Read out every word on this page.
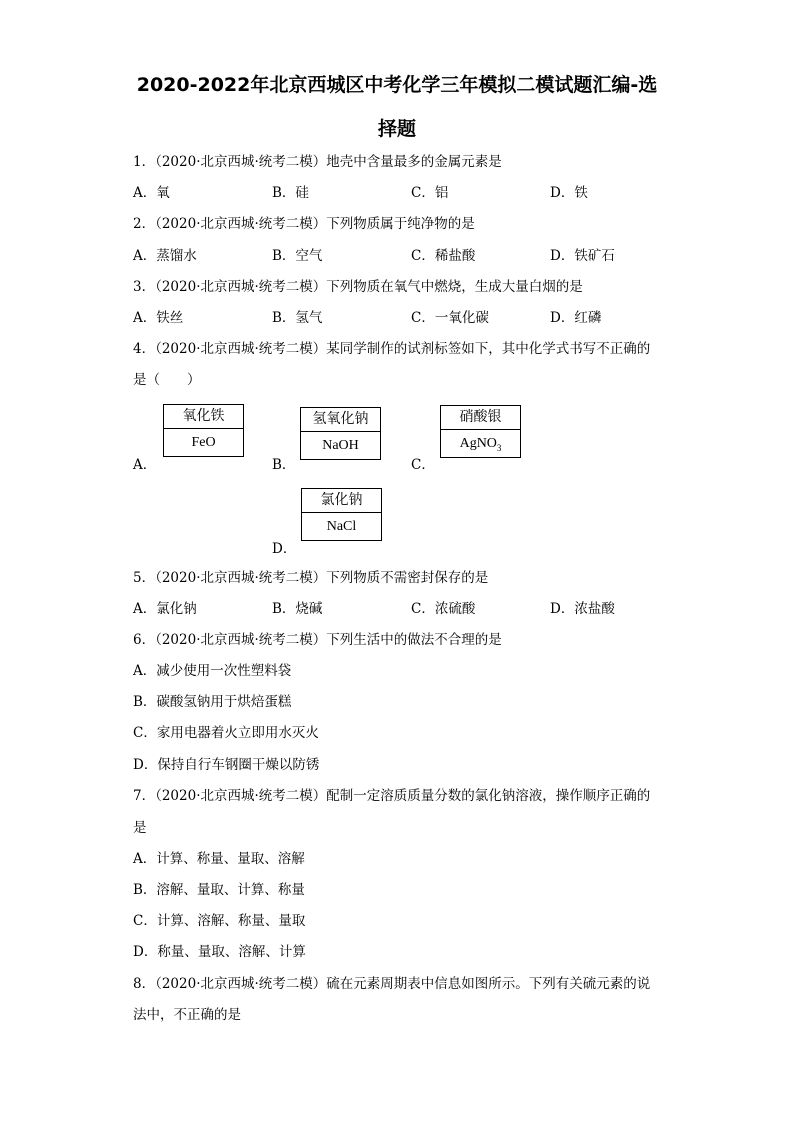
2020-2022年北京西城区中考化学三年模拟二模试题汇编-选
择题
1．（2020·北京西城·统考二模）地壳中含量最多的金属元素是
A．氧	B．硅	C．铝	D．铁
2．（2020·北京西城·统考二模）下列物质属于纯净物的是
A．蒸馏水	B．空气	C．稀盐酸	D．铁矿石
3．（2020·北京西城·统考二模）下列物质在氧气中燃烧，生成大量白烟的是
A．铁丝	B．氢气	C．一氧化碳	D．红磷
4．（2020·北京西城·统考二模）某同学制作的试剂标签如下，其中化学式书写不正确的
是（　　）
A．
氧化铁
FeO
B．
氢氧化钠
NaOH
C．
硝酸银
AgNO$_3$
D．
氯化钠
NaCl
5．（2020·北京西城·统考二模）下列物质不需密封保存的是
A．氯化钠	B．烧碱	C．浓硫酸	D．浓盐酸
6．（2020·北京西城·统考二模）下列生活中的做法不合理的是
A．减少使用一次性塑料袋
B．碳酸氢钠用于烘焙蛋糕
C．家用电器着火立即用水灭火
D．保持自行车钢圈干燥以防锈
7．（2020·北京西城·统考二模）配制一定溶质质量分数的氯化钠溶液，操作顺序正确的
是
A．计算、称量、量取、溶解
B．溶解、量取、计算、称量
C．计算、溶解、称量、量取
D．称量、量取、溶解、计算
8．（2020·北京西城·统考二模）硫在元素周期表中信息如图所示。下列有关硫元素的说
法中，不正确的是
